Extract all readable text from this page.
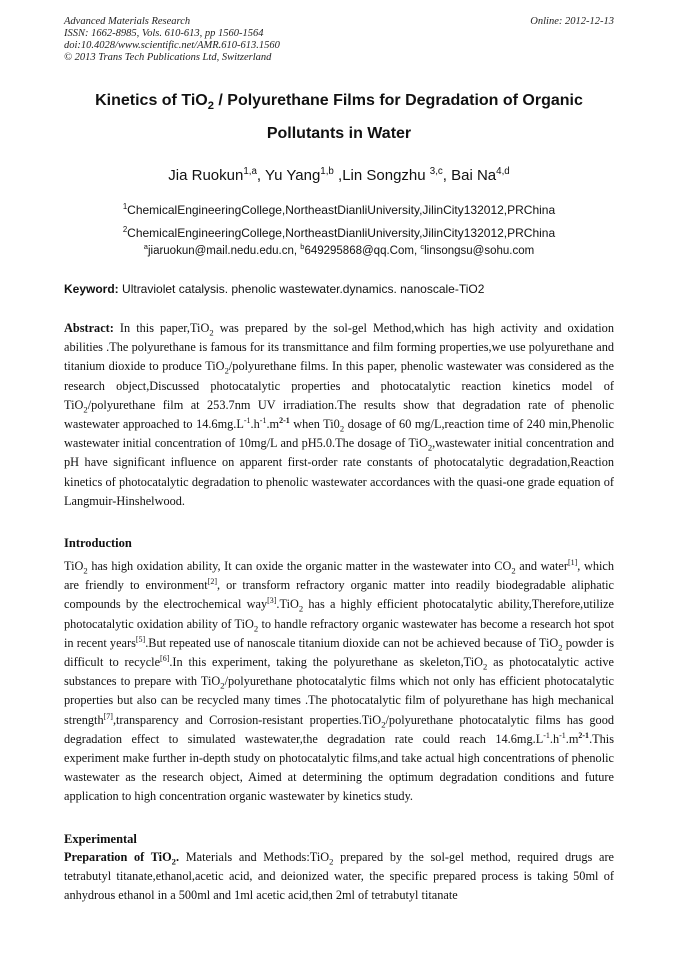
Advanced Materials Research
ISSN: 1662-8985, Vols. 610-613, pp 1560-1564
doi:10.4028/www.scientific.net/AMR.610-613.1560
© 2013 Trans Tech Publications Ltd, Switzerland
Online: 2012-12-13
Kinetics of TiO$_2$ / Polyurethane Films for Degradation of Organic
Pollutants in Water
Jia Ruokun$^{1,a}$, Yu Yang$^{1,b}$ ,Lin Songzhu $^{3,c}$, Bai Na$^{4,d}$
$^1$ChemicalEngineeringCollege,NortheastDianliUniversity,JilinCity132012,PRChina
$^2$ChemicalEngineeringCollege,NortheastDianliUniversity,JilinCity132012,PRChina
$^a$jiaruokun@mail.nedu.edu.cn, $^b$649295868@qq.Com, $^c$linsongsu@sohu.com
Keyword: Ultraviolet catalysis. phenolic wastewater.dynamics. nanoscale-TiO2
Abstract: In this paper,TiO$_2$ was prepared by the sol-gel Method,which has high activity and oxidation abilities .The polyurethane is famous for its transmittance and film forming properties,we use polyurethane and titanium dioxide to produce TiO$_2$/polyurethane films. In this paper, phenolic wastewater was considered as the research object,Discussed photocatalytic properties and photocatalytic reaction kinetics model of TiO$_2$/polyurethane film at 253.7nm UV irradiation.The results show that degradation rate of phenolic wastewater approached to $14.6mg.L^{-1}.h^{-1}.m^{2-1}$ when $Ti0_2$ dosage of 60 mg/L,reaction time of 240 min,Phenolic wastewater initial concentration of 10mg/L and pH5.0.The dosage of TiO$_2$,wastewater initial concentration and pH have significant influence on apparent first-order rate constants of photocatalytic degradation,Reaction kinetics of photocatalytic degradation to phenolic wastewater accordances with the quasi-one grade equation of Langmuir-Hinshelwood.
Introduction
TiO$_2$ has high oxidation ability, It can oxide the organic matter in the wastewater into $CO_2$ and water[1], which are friendly to environment[2], or transform refractory organic matter into readily biodegradable aliphatic compounds by the electrochemical way[3].TiO$_2$ has a highly efficient photocatalytic ability,Therefore,utilize photocatalytic oxidation ability of TiO$_2$ to handle refractory organic wastewater has become a research hot spot in recent years[5].But repeated use of nanoscale titanium dioxide can not be achieved because of TiO$_2$ powder is difficult to recycle[6].In this experiment, taking the polyurethane as skeleton,TiO$_2$ as photocatalytic active substances to prepare with TiO$_2$/polyurethane photocatalytic films which not only has efficient photocatalytic properties but also can be recycled many times .The photocatalytic film of polyurethane has high mechanical strength[7],transparency and Corrosion-resistant properties.TiO$_2$/polyurethane photocatalytic films has good degradation effect to simulated wastewater,the degradation rate could reach $14.6mg.L^{-1}.h^{-1}.m^{2-1}.This$ experiment make further in-depth study on photocatalytic films,and take actual high concentrations of phenolic wastewater as the research object, Aimed at determining the optimum degradation conditions and future application to high concentration organic wastewater by kinetics study.
Experimental
Preparation of TiO$_2$. Materials and Methods:TiO$_2$ prepared by the sol-gel method, required drugs are tetrabutyl titanate,ethanol,acetic acid, and deionized water, the specific prepared process is taking 50ml of anhydrous ethanol in a 500ml and 1ml acetic acid,then 2ml of tetrabutyl titanate
